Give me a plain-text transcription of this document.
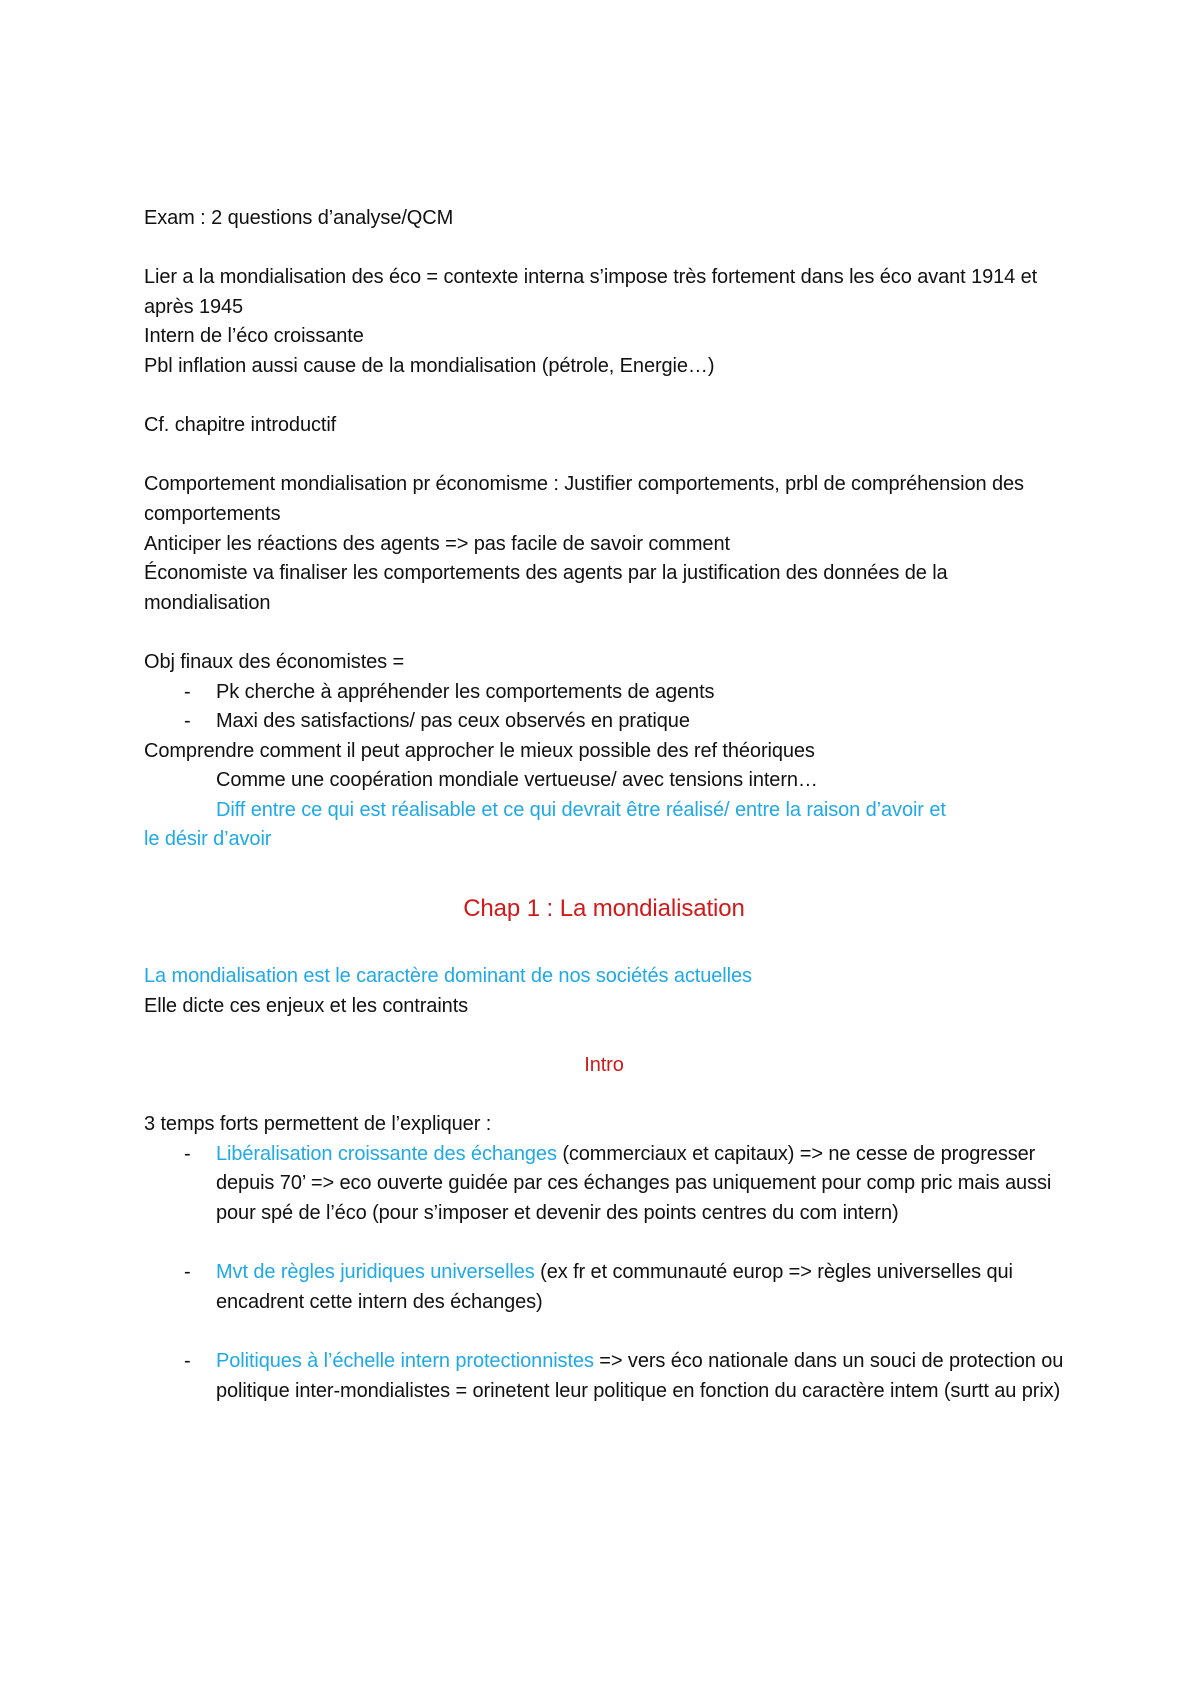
Exam : 2 questions d’analyse/QCM

Lier a la mondialisation des éco = contexte interna s’impose très fortement dans les éco avant 1914 et après 1945

Intern de l’éco croissante

Pbl inflation aussi cause de la mondialisation (pétrole, Energie…)

Cf. chapitre introductif

Comportement mondialisation pr économisme : Justifier comportements, prbl de compréhension des comportements

Anticiper les réactions des agents => pas facile de savoir comment

Économiste va finaliser les comportements des agents par la justification des données de la mondialisation

Obj finaux des économistes =

- Pk cherche à appréhender les comportements de agents

- Maxi des satisfactions/ pas ceux observés en pratique

Comprendre comment il peut approcher le mieux possible des ref théoriques

Comme une coopération mondiale vertueuse/ avec tensions intern…

Diff entre ce qui est réalisable et ce qui devrait être réalisé/ entre la raison d’avoir et

le désir d’avoir

Chap 1 : La mondialisation

La mondialisation est le caractère dominant de nos sociétés actuelles

Elle dicte ces enjeux et les contraints

Intro

3 temps forts permettent de l’expliquer :

- Libéralisation croissante des échanges (commerciaux et capitaux) => ne cesse de progresser depuis 70’ => eco ouverte guidée par ces échanges pas uniquement pour comp pric mais aussi pour spé de l’éco (pour s’imposer et devenir des points centres du com intern)

- Mvt de règles juridiques universelles (ex fr et communauté europ => règles universelles qui encadrent cette intern des échanges)

- Politiques à l’échelle intern protectionnistes => vers éco nationale dans un souci de protection ou politique inter-mondialistes = orinetent leur politique en fonction du caractère intem (surtt au prix)
